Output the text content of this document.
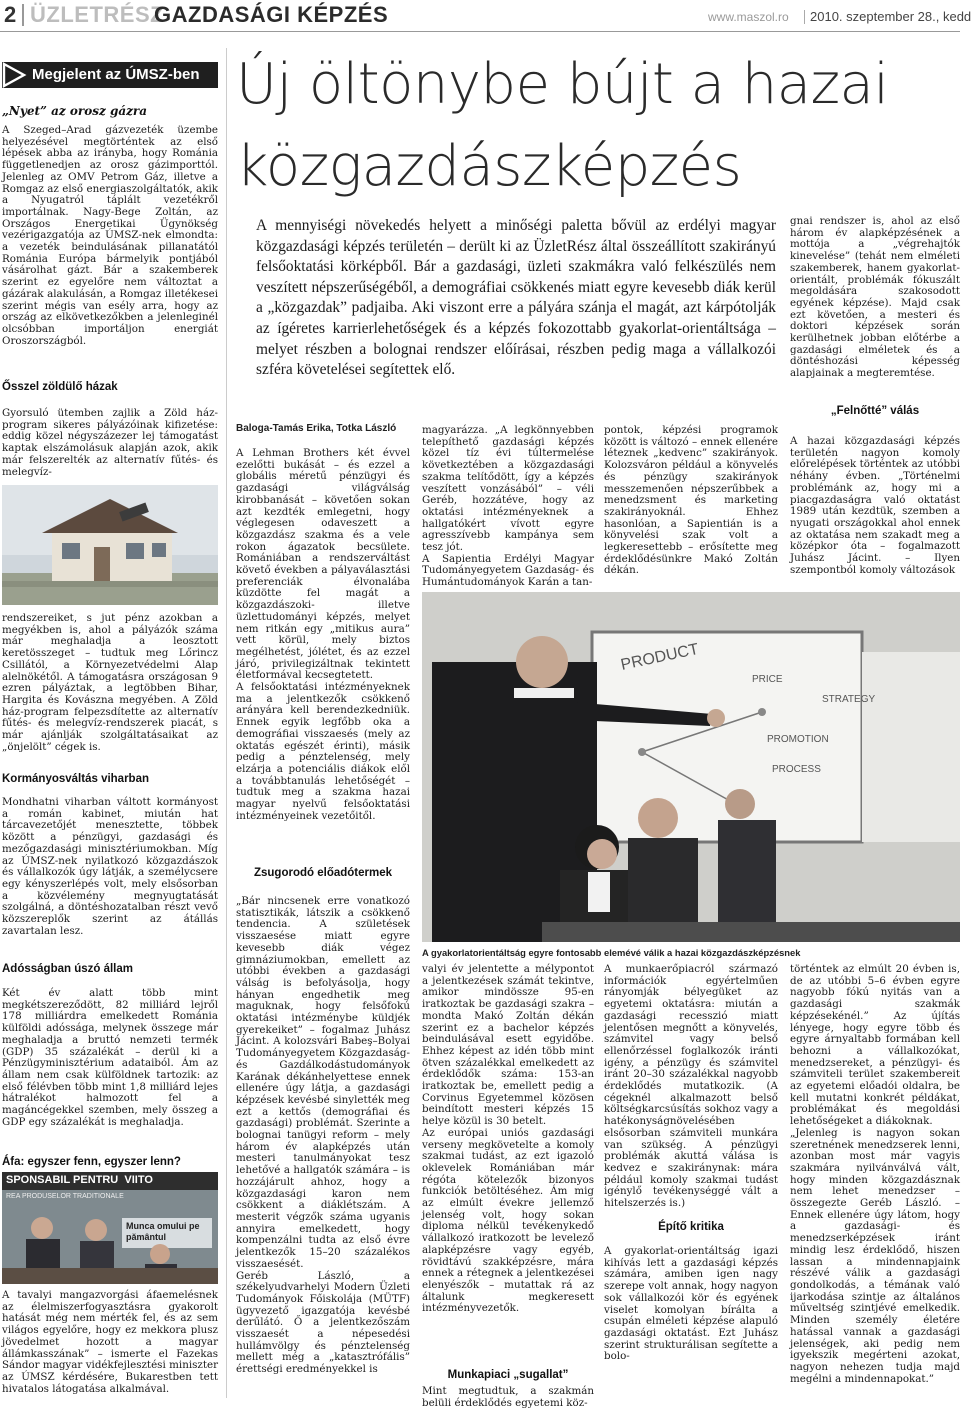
2 ÜZLETRÉSZ
GAZDASÁGI KÉPZÉS	www.maszol.ro 2010. szeptember 28., kedd
Megjelent az ÚMSZ-ben
„Nyet” az orosz gázra
A Szeged–Arad gázvezeték üzembe helyezésével megtörténtek az első lépések abba az irányba, hogy Románia függetlenedjen az orosz gázimporttól. Jelenleg az OMV Petrom Gáz, illetve a Romgaz az első energiaszolgáltatók, akik a Nyugatról táplált vezetékről importálnak. Nagy-Bege Zoltán, az Országos Energetikai Ügynökség vezérigazgatója az ÚMSZ-nek elmondta: a vezeték beindulásának pillanatától Románia Európa bármelyik pontjából vásárolhat gázt. Bár a szakemberek szerint ez egyelőre nem változtat a gázárak alakulásán, a Romgaz illetékesei szerint mégis van esély arra, hogy az ország az elkövetkezőkben a jelenleginél olcsóbban importáljon energiát Oroszországból.
Ősszel zöldülő házak
Gyorsuló ütemben zajlik a Zöld ház-program sikeres pályázóinak kifizetése: eddig közel négyszázezer lej támogatást kaptak elszámolásuk alapján azok, akik már felszerelték az alternatív fűtés- és melegvíz-
rendszereiket, s jut pénz azokban a megyékben is, ahol a pályázók száma már meghaladja a leosztott keretösszeget – tudtuk meg Lőrincz Csillától, a Környezetvédelmi Alap alelnökétől. A támogatásra országosan 9 ezren pályáztak, a legtöbben Bihar, Hargita és Kovászna megyében. A Zöld ház-program felpezsdítette az alternatív fűtés- és melegvíz-rendszerek piacát, s már ajánlják szolgáltatásaikat az „önjelölt” cégek is.
Kormányosváltás viharban
Mondhatni viharban váltott kormányost a román kabinet, miután hat tárcavezetőjét menesztette, többek között a pénzügyi, gazdasági és mezőgazdasági minisztériumokban. Míg az ÚMSZ-nek nyilatkozó közgazdászok és vállalkozók úgy látják, a személycsere egy kényszerlépés volt, mely elsősorban a közvélemény megnyugtatását szolgálná, a döntéshozatalban részt vevő közszereplők szerint az átállás zavartalan lesz.
Adósságban úszó állam
Két év alatt több mint megkétszereződött, 82 milliárd lejről 178 milliárdra emelkedett Románia külföldi adóssága, melynek összege már meghaladja a bruttó nemzeti termék (GDP) 35 százalékát – derül ki a Pénzügyminisztérium adataiból. Ám az állam nem csak külföldnek tartozik: az első félévben több mint 1,8 milliárd lejes hátralékot halmozott fel a magáncégekkel szemben, mely összeg a GDP egy százalékát is meghaladja.
Áfa: egyszer fenn, egyszer lenn?
SPONSABIL PENTRU  VIITO
REA PRODUSELOR TRADITIONALE
Munca omului pe pământul
A tavalyi mangazvorgási áfaemelésnek az élelmiszerfogyasztásra gyakorolt hatását még nem mérték fel, és az sem világos egyelőre, hogy ez mekkora plusz jövedelmet hozott a magyar állámkasszának” – ismerte el Fazekas Sándor magyar vidékfejlesztési miniszter az ÚMSZ kérdésére, Bukarestben tett hivatalos látogatása alkalmával.
Új öltönybe bújt a hazai
közgazdászképzés
A mennyiségi növekedés helyett a minőségi paletta bővül az erdélyi magyar közgazdasági képzés területén – derült ki az ÜzletRész által összeállított szakirányú felsőoktatási körképből. Bár a gazdasági, üzleti szakmákra való felkészülés nem veszített népszerűségéből, a demográfiai csökkenés miatt egyre kevesebb diák kerül a „közgazdak” padjaiba. Aki viszont erre a pályára szánja el magát, azt kárpótolják az ígéretes karrierlehetőségek és a képzés fokozottabb gyakorlat-orientáltsága – melyet részben a bolognai rendszer előírásai, részben pedig maga a vállalkozói szféra követelései segítettek elő.
gnai rendszer is, ahol az első három év alapképzésének a mottója a „végrehajtók kinevelése” (tehát nem elméleti szakemberek, hanem gyakorlat-orientált, problémák fókuszált megoldására szakosodott egyének képzése). Majd csak ezt követően, a mesteri és doktori képzések során kerülhetnek jobban előtérbe a gazdasági elméletek és a döntéshozási képesség alapjainak a megteremtése.
„Felnőtté” válás
A hazai közgazdasági képzés területén nagyon komoly előrelépések történtek az utóbbi néhány évben. „Történelmi problémánk az, hogy mi a piacgazdaságra való oktatást 1989 után kezdtük, szemben a nyugati országokkal ahol ennek az oktatása nem szakadt meg a középkor óta – fogalmazott Juhász Jácint. – Ilyen szempontból komoly változások
Baloga-Tamás Erika, Totka László
A Lehman Brothers két évvel ezelőtti bukását – és ezzel a globális méretű pénzügyi és gazdasági világválság kirobbanását – követően sokan azt kezdték emlegetni, hogy véglegesen odaveszett a közgazdász szakma és a vele rokon ágazatok becsülete. Romániában a rendszerváltást követő években a pályaválasztási preferenciák élvonalába küzdötte fel magát a közgazdászoki- illetve üzlettudományi képzés, melyet nem ritkán egy „mitikus aura” vett körül, mely biztos megélhetést, jólétet, és az ezzel járó, privilegizáltnak tekintett életformával kecsegtetett.
A felsőoktatási intézményeknek ma a jelentkezők csökkenő arányára kell berendezkedniük. Ennek egyik legfőbb oka a demográfiai visszaesés (mely az oktatás egészét érinti), másik pedig a pénztelenség, mely elzárja a potenciális diákok elől a továbbtanulás lehetőségét – tudtuk meg a szakma hazai magyar nyelvű felsőoktatási intézményeinek vezetőitől.
Zsugorodó előadótermek
„Bár nincsenek erre vonatkozó statisztikák, látszik a csökkenő tendencia. A születések visszaesése miatt egyre kevesebb diák végez gimnáziumokban, emellett az utóbbi években a gazdasági válság is befolyásolja, hogy hányan engedhetik meg maguknak, hogy felsőfokú oktatási intézménybe küldjék gyerekeiket” – fogalmaz Juhász Jácint. A kolozsvári Babeş–Bolyai Tudományegyetem Közgazdaság- és Gazdálkodástudományok Karának dékánhelyettese ennek ellenére úgy látja, a gazdasági képzések kevésbé sinylették meg ezt a kettős (demográfiai és gazdasági) problémát. Szerinte a bolognai tanügyi reform – mely három év alapképzés után mesteri tanulmányokat tesz lehetővé a hallgatók számára – is hozzájárult ahhoz, hogy a közgazdasági karon nem csökkent a diáklétszám. A mesterit végzők száma ugyanis annyira emelkedett, hogy kompenzálni tudta az első évre jelentkezők 15–20 százalékos visszaesését.
Geréb László, a székelyudvarhelyi Modern Üzleti Tudományok Főiskolája (MÜTF) ügyvezető igazgatója kevésbé derűlátó. Ő a jelentkezőszám visszaesét a népesedési hullámvölgy és pénztelenség mellett még a „katasztrófális” érettségi eredményekkel is
magyarázza. „A legkönnyebben telepíthető gazdasági képzés közel tíz évi túltermelése következtében a közgazdasági szakma telítődött, így a képzés veszített vonzásából” – véli Geréb, hozzátéve, hogy az oktatási intézményeknek a hallgatókért vívott egyre agresszívebb kampánya sem tesz jót.
A Sapientia Erdélyi Magyar Tudományegyetem Gazdaság- és Humántudományok Karán a tan-
pontok, képzési programok között is változó – ennek ellenére léteznek „kedvenc” szakirányok. Kolozsváron például a könyvelés és pénzügy szakirányok messzemenően népszerűbbek a menedzsment és marketing szakirányoknál. Ehhez hasonlóan, a Sapientián is a könyvelési szak volt a legkeresettebb – erősítette meg érdeklődésünkre Makó Zoltán dékán.
PRODUCT
PRICE
PROMOTION
PROCESS
STRATEGY
A gyakorlatorientáltság egyre fontosabb elemévé válik a hazai közgazdászképzésnek
valyi év jelentette a mélypontot a jelentkezések számát tekintve, amikor mindössze 95-en iratkoztak be gazdasági szakra – mondta Makó Zoltán dékán szerint ez a bachelor képzés beindulásával esett egyidőbe. Ehhez képest az idén több mint ötven százalékkal emelkedett az érdeklődők száma: 153-an iratkoztak be, emellett pedig a Corvinus Egyetemmel közösen beindított mesteri képzés 15 helye közül is 30 betelt.
Az európai uniós gazdasági verseny megkövetelte a komoly szakmai tudást, az ezt igazoló oklevelek Romániában már régóta kötelezők bizonyos funkciók betöltéséhez. Ám mig az elmúlt évekre jellemző jelenség volt, hogy sokan diploma nélkül tevékenykedő vállalkozó iratkozott be levelező alapképzésre vagy egyéb, rövidtávú szakképzésre, mára ennek a rétegnek a jelentkezései elenyészők – mutattak rá az általunk megkeresett intézményvezetők.
Munkapiaci „sugallat”
Mint megtudtuk, a szakmán belüli érdeklődés egyetemi köz-
A munkaerőpiacról származó információk egyértelműen rányomják bélyegüket az egyetemi oktatásra: miután a gazdasági recesszió miatt jelentősen megnőtt a könyvelés, számvitel vagy belső ellenőrzéssel foglalkozók iránti igény, a pénzügy és számvitel iránt 20–30 százalékkal nagyobb érdeklődés mutatkozik. (A cégeknél alkalmazott belső költségkarcsúsítás sokhoz vagy a hatékonyságnövelésében elsősorban számviteli munkára van szükség. A pénzügyi problémák akuttá válása is kedvez e szakiránynak: mára például komoly szakmai tudást igénylő tevékenységgé vált a hitelszerzés is.)
Építő kritika
A gyakorlat-orientáltság igazi kihívás lett a gazdasági képzés számára, amiben igen nagy szerepe volt annak, hogy nagyon sok vállalkozói kör és egyének viselet komolyan bírálta a csupán elméleti képzése alapuló gazdasági oktatást. Ezt Juhász szerint strukturálisan segítette a bolo-
történtek az elmúlt 20 évben is, de az utóbbi 5–6 évben egyre nagyobb fókú nyitás van a gazdasági szakmák képzésekénél.” Az újítás lényege, hogy egyre több és egyre árnyaltabb formában kell behozni a vállalkozókat, menedzsereket, a pénzügyi- és számviteli terület szakembereit az egyetemi előadói oldalra, be kell mutatni konkrét példákat, problémákat és megoldási lehetőségeket a diákoknak.
„Jelenleg is nagyon sokan szeretnének menedzserek lenni, azonban most már vagyis szakmára nyilvánválvá vált, hogy minden közgazdásznak nem lehet menedzser – összegezte Geréb László. – Ennek ellenére úgy látom, hogy a gazdasági- és menedzserképzések iránt mindig lesz érdeklődő, hiszen lassan a mindennapjaink részévé válik a gazdasági gondolkodás, a témának való ijarkodása szintje az általános műveltség szintjévé emelkedik. Minden személy életére hatással vannak a gazdasági jelenségek, aki pedig nem igyekszik megérteni azokat, nagyon nehezen tudja majd megélni a mindennapokat.”
